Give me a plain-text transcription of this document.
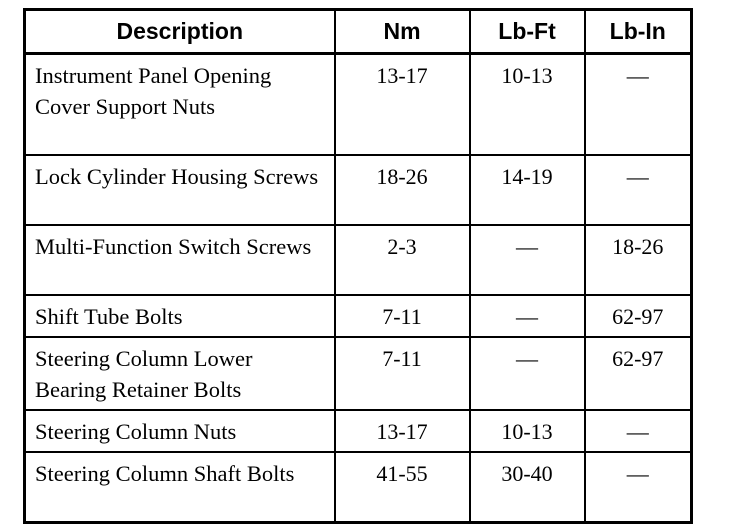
Description	Nm	Lb-Ft	Lb-In
Instrument Panel Opening Cover Support Nuts	13-17	10-13	—
Lock Cylinder Housing Screws	18-26	14-19	—
Multi-Function Switch Screws	2-3	—	18-26
Shift Tube Bolts	7-11	—	62-97
Steering Column Lower Bearing Retainer Bolts	7-11	—	62-97
Steering Column Nuts	13-17	10-13	—
Steering Column Shaft Bolts	41-55	30-40	—
